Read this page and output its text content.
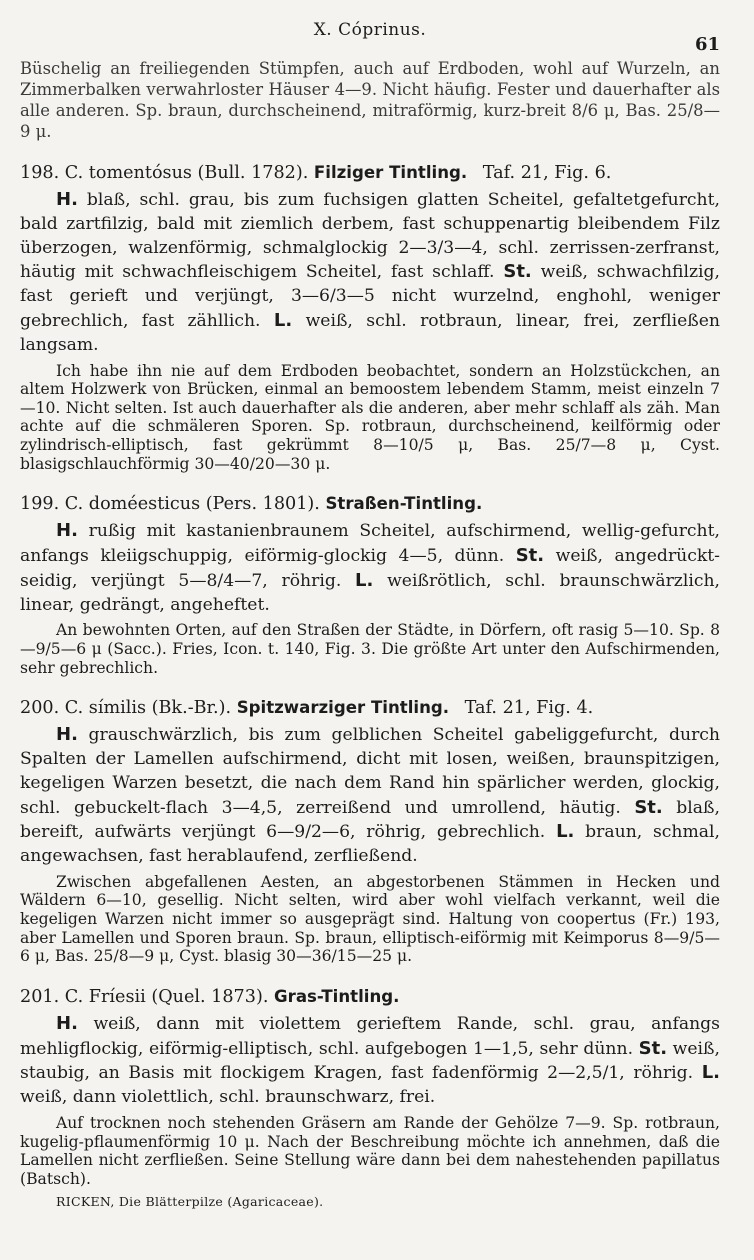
X. Cóprinus.
61

Büschelig an freiliegenden Stümpfen, auch auf Erdboden, wohl auf Wurzeln, an Zimmerbalken verwahrloster Häuser 4—9. Nicht häufig. Fester und dauerhafter als alle anderen. Sp. braun, durchscheinend, mitraförmig, kurz-breit 8/6 μ, Bas. 25/8—9 μ.

198. C. tomentósus (Bull. 1782). Filziger Tintling. Taf. 21, Fig. 6.

H. blaß, schl. grau, bis zum fuchsigen glatten Scheitel, gefaltetgefurcht, bald zartfilzig, bald mit ziemlich derbem, fast schuppenartig bleibendem Filz überzogen, walzenförmig, schmalglockig 2—3/3—4, schl. zerrissen-zerfranst, häutig mit schwachfleischigem Scheitel, fast schlaff. St. weiß, schwachfilzig, fast gerieft und verjüngt, 3—6/3—5 nicht wurzelnd, enghohl, weniger gebrechlich, fast zähllich. L. weiß, schl. rotbraun, linear, frei, zerfließen langsam.

Ich habe ihn nie auf dem Erdboden beobachtet, sondern an Holzstückchen, an altem Holzwerk von Brücken, einmal an bemoostem lebendem Stamm, meist einzeln 7—10. Nicht selten. Ist auch dauerhafter als die anderen, aber mehr schlaff als zäh. Man achte auf die schmäleren Sporen. Sp. rotbraun, durchscheinend, keilförmig oder zylindrisch-elliptisch, fast gekrümmt 8—10/5 μ, Bas. 25/7—8 μ, Cyst. blasigschlauchförmig 30—40/20—30 μ.

199. C. doméesticus (Pers. 1801). Straßen-Tintling.

H. rußig mit kastanienbraunem Scheitel, aufschirmend, wellig-gefurcht, anfangs kleiigschuppig, eiförmig-glockig 4—5, dünn. St. weiß, angedrückt-seidig, verjüngt 5—8/4—7, röhrig. L. weißrötlich, schl. braunschwärzlich, linear, gedrängt, angeheftet.

An bewohnten Orten, auf den Straßen der Städte, in Dörfern, oft rasig 5—10. Sp. 8—9/5—6 μ (Sacc.). Fries, Icon. t. 140, Fig. 3. Die größte Art unter den Aufschirmenden, sehr gebrechlich.

200. C. símilis (Bk.-Br.). Spitzwarziger Tintling. Taf. 21, Fig. 4.

H. grauschwärzlich, bis zum gelblichen Scheitel gabeliggefurcht, durch Spalten der Lamellen aufschirmend, dicht mit losen, weißen, braunspitzigen, kegeligen Warzen besetzt, die nach dem Rand hin spärlicher werden, glockig, schl. gebuckelt-flach 3—4,5, zerreißend und umrollend, häutig. St. blaß, bereift, aufwärts verjüngt 6—9/2—6, röhrig, gebrechlich. L. braun, schmal, angewachsen, fast herablaufend, zerfließend.

Zwischen abgefallenen Aesten, an abgestorbenen Stämmen in Hecken und Wäldern 6—10, gesellig. Nicht selten, wird aber wohl vielfach verkannt, weil die kegeligen Warzen nicht immer so ausgeprägt sind. Haltung von coopertus (Fr.) 193, aber Lamellen und Sporen braun. Sp. braun, elliptisch-eiförmig mit Keimporus 8—9/5—6 μ, Bas. 25/8—9 μ, Cyst. blasig 30—36/15—25 μ.

201. C. Fríesii (Quel. 1873). Gras-Tintling.

H. weiß, dann mit violettem gerieftem Rande, schl. grau, anfangs mehligflockig, eiförmig-elliptisch, schl. aufgebogen 1—1,5, sehr dünn. St. weiß, staubig, an Basis mit flockigem Kragen, fast fadenförmig 2—2,5/1, röhrig. L. weiß, dann violettlich, schl. braunschwarz, frei.

Auf trocknen noch stehenden Gräsern am Rande der Gehölze 7—9. Sp. rotbraun, kugelig-pflaumenförmig 10 μ. Nach der Beschreibung möchte ich annehmen, daß die Lamellen nicht zerfließen. Seine Stellung wäre dann bei dem nahestehenden papillatus (Batsch).

RICKEN, Die Blätterpilze (Agaricaceae).
